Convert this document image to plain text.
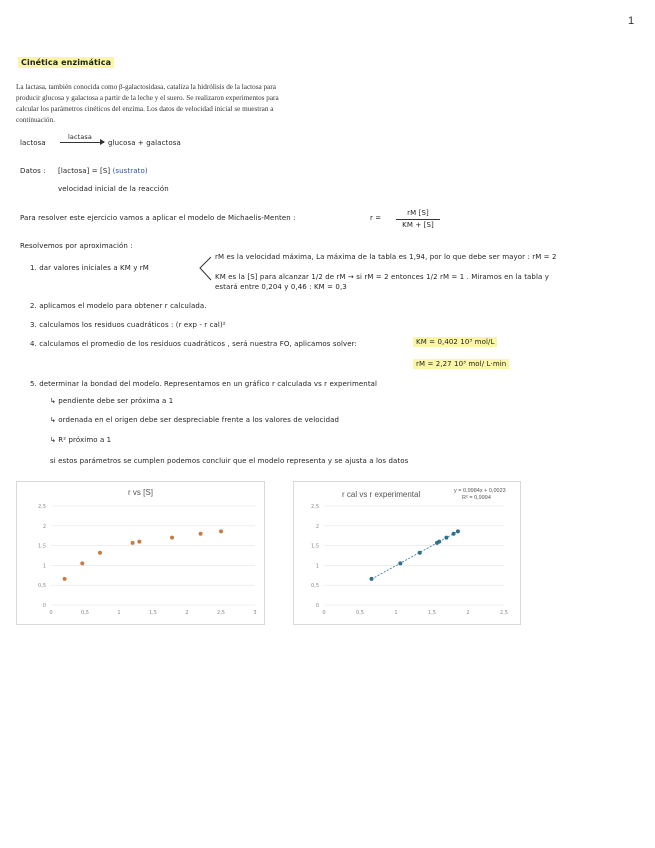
1
Cinética enzimática
La lactasa, también conocida como β-galactosidasa, cataliza la hidrólisis de la lactosa para
producir glucosa y galactosa a partir de la leche y el suero. Se realizaron experimentos para
calcular los parámetros cinéticos del enzima. Los datos de velocidad inicial se muestran a
continuación.
lactosa
lactasa
glucosa + galactosa
Datos : [lactosa] = [S] (sustrato)
velocidad inicial de la reacción
Para resolver este ejercicio vamos a aplicar el modelo de Michaelis-Menten :	r =
rM [S]
KM + [S]
Resolvemos por aproximación :
1. dar valores iniciales a KM y rM
rM es la velocidad máxima, La máxima de la tabla es 1,94, por lo que debe ser mayor : rM = 2
KM es la [S] para alcanzar 1/2 de rM → si rM = 2 entonces 1/2 rM = 1 . Miramos en la tabla y
estará entre 0,204 y 0,46 : KM = 0,3
2. aplicamos el modelo para obtener r calculada.
3. calculamos los residuos cuadráticos : (r exp - r cal)²
4. calculamos el promedio de los residuos cuadráticos , será nuestra FO, aplicamos solver:	KM = 0,402 10³ mol/L
rM = 2,27 10³ mol/ L·min
5. determinar la bondad del modelo. Representamos en un gráfico r calculada vs r experimental
↳ pendiente debe ser próxima a 1
↳ ordenada en el origen debe ser despreciable frente a los valores de velocidad
↳ R² próximo a 1
si estos parámetros se cumplen podemos concluir que el modelo representa y se ajusta a los datos
r vs [S]
0
0,5
1
1,5
2
2,5
0	0,5	1	1,5	2	2,5	3
r cal vs r experimental	y = 0,9984x + 0,0023
R² = 0,9994
0
0,5
1
1,5
2
2,5
0	0,5	1	1,5	2	2,5
